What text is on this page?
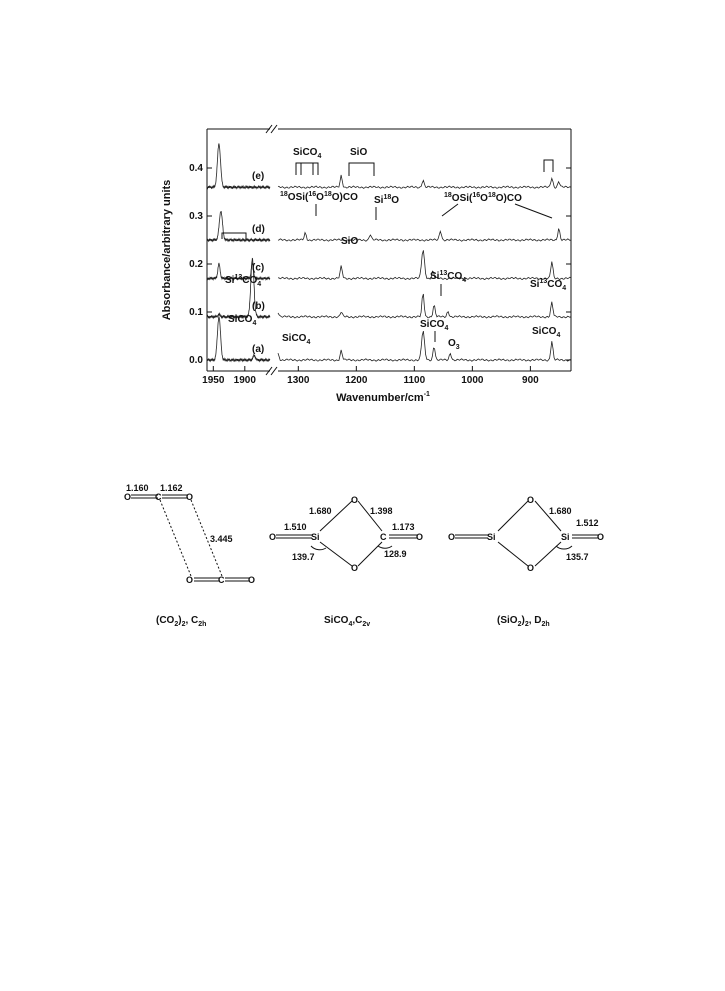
0.0
0.1
0.2
0.3
0.4
1950 1900	1300	1200	1100	1000	900
Absorbance/arbitrary units
Wavenumber/$cm^{-1}$
(a)
(b)
(c)
(d)
(e)
SiCO$_4$
SiCO$_4$
SiCO$_4$
$O_3$
SiCO$_4$
$Si^{13}CO_4$
$Si^{13}CO_4$	$Si^{13}CO_4$
SiO
$^{18}OSi(^{16}O^{18}O)CO$ Si$^{18}$O	$^{18}OSi(^{16}O^{18}O)CO$
SiCO$_4$	SiO
O	C	O
O	C	O
1.160 1.162
3.445
$(CO_2)_2$, $C_{2h}$
O	Si
O
O
C	O
1.680	1.398
1.510	1.173
139.7	128.9
$SiCO_4,C_{2v}$
O	Si
O
O
Si	O
1.680
1.512
135.7
$(SiO_2)_2$, $D_{2h}$
